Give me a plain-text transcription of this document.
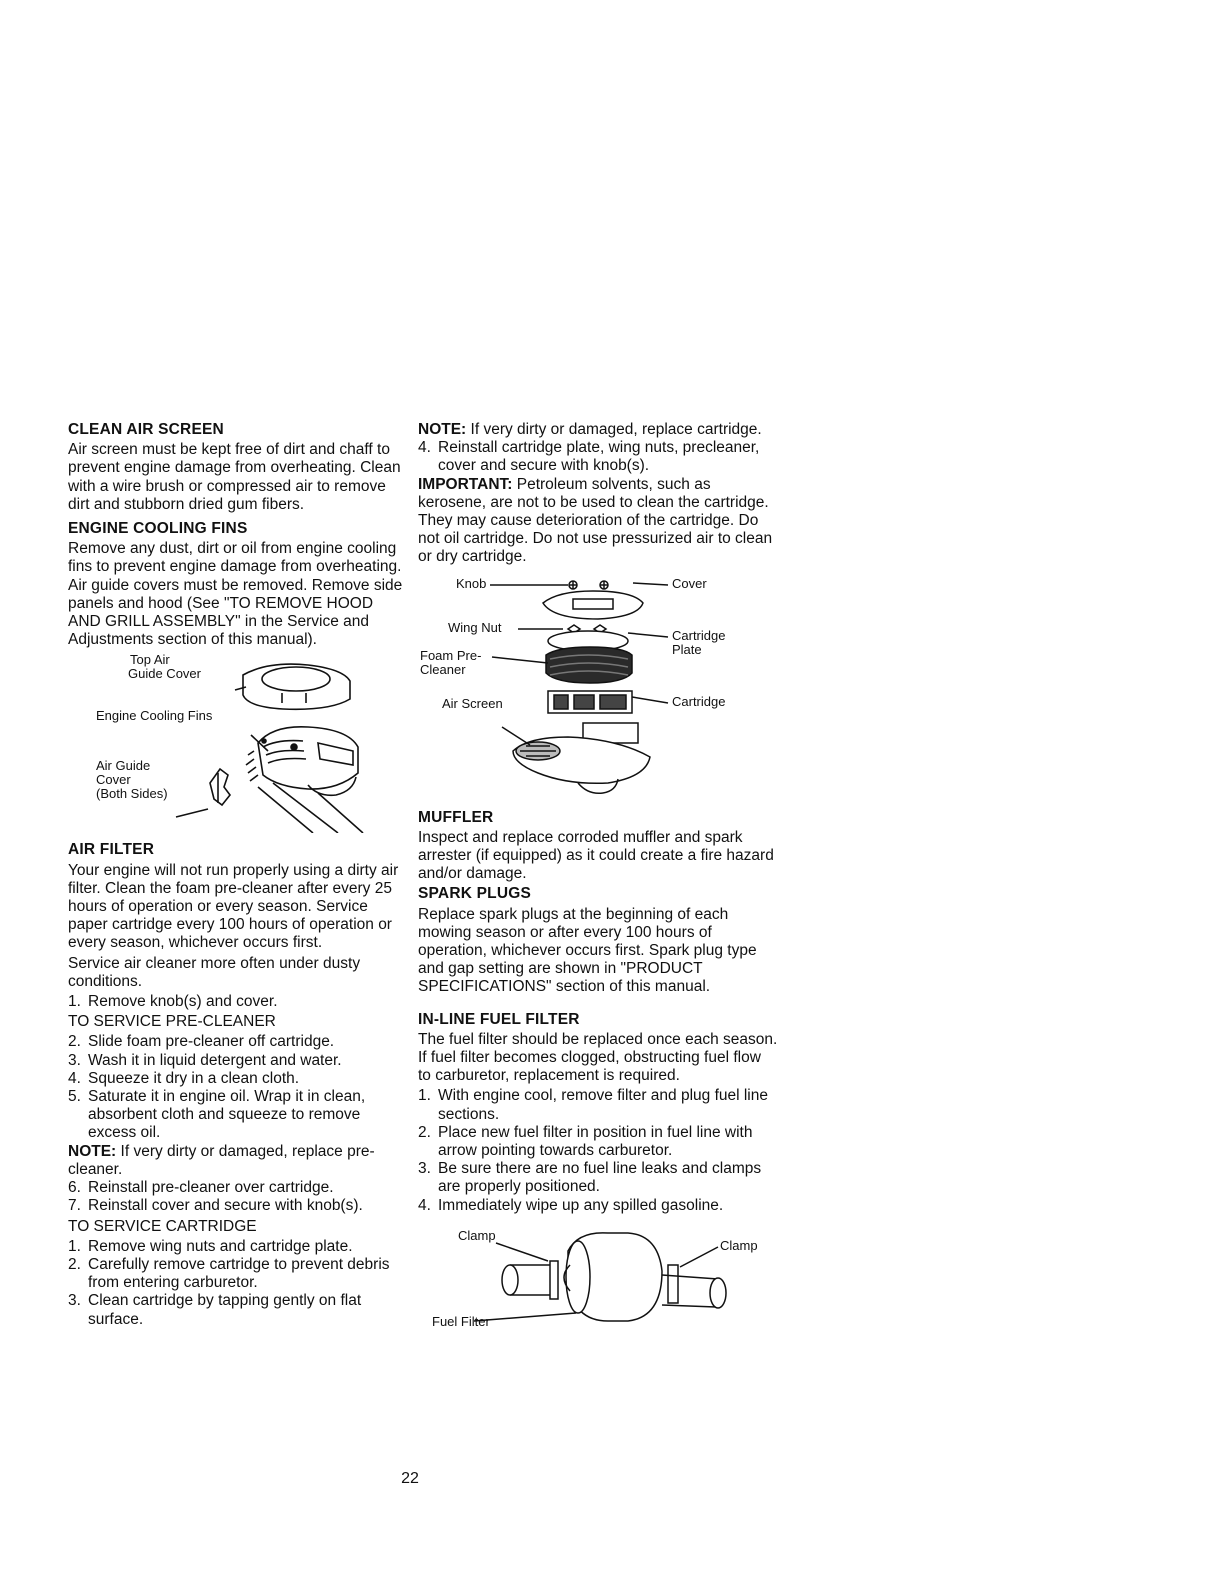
CLEAN AIR SCREEN

Air screen must be kept free of dirt and chaff to prevent engine damage from overheating. Clean with a wire brush or compressed air to remove dirt and stubborn dried gum fibers.

ENGINE COOLING FINS

Remove any dust, dirt or oil from engine cooling fins to prevent engine damage from overheating. Air guide covers must be removed. Remove side panels and hood (See "TO REMOVE HOOD AND GRILL ASSEMBLY" in the Service and Adjustments section of this manual).

Top Air
Guide Cover
Engine Cooling Fins
Air Guide
Cover
(Both Sides)
AIR FILTER

Your engine will not run properly using a dirty air filter. Clean the foam pre-cleaner after every 25 hours of operation or every season. Service paper cartridge every 100 hours of operation or every season, whichever occurs first.

Service air cleaner more often under dusty conditions.

1. Remove knob(s) and cover.
TO SERVICE PRE-CLEANER
2. Slide foam pre-cleaner off cartridge.
3. Wash it in liquid detergent and water.
4. Squeeze it dry in a clean cloth.
5. Saturate it in engine oil. Wrap it in clean, absorbent cloth and squeeze to remove excess oil.
NOTE: If very dirty or damaged, replace pre-cleaner.
6. Reinstall pre-cleaner over cartridge.
7. Reinstall cover and secure with knob(s).
TO SERVICE CARTRIDGE
1. Remove wing nuts and cartridge plate.
2. Carefully remove cartridge to prevent debris from entering carburetor.
3. Clean cartridge by tapping gently on flat surface.
NOTE: If very dirty or damaged, replace cartridge.
4. Reinstall cartridge plate, wing nuts, precleaner, cover and secure with knob(s).

IMPORTANT: Petroleum solvents, such as kerosene, are not to be used to clean the cartridge. They may cause deterioration of the cartridge. Do not oil cartridge. Do not use pressurized air to clean or dry cartridge.

Knob	Cover
Wing Nut
Cartridge
Plate
Foam Pre-
Cleaner
Air Screen	Cartridge
MUFFLER

Inspect and replace corroded muffler and spark arrester (if equipped) as it could create a fire hazard and/or damage.

SPARK PLUGS

Replace spark plugs at the beginning of each mowing season or after every 100 hours of operation, whichever occurs first. Spark plug type and gap setting are shown in "PRODUCT SPECIFICATIONS" section of this manual.

IN-LINE FUEL FILTER

The fuel filter should be replaced once each season. If fuel filter becomes clogged, obstructing fuel flow to carburetor, replacement is required.

1. With engine cool, remove filter and plug fuel line sections.
2. Place new fuel filter in position in fuel line with arrow pointing towards carburetor.
3. Be sure there are no fuel line leaks and clamps are properly positioned.
4. Immediately wipe up any spilled gasoline.
Clamp
Clamp
Fuel Filter
22
